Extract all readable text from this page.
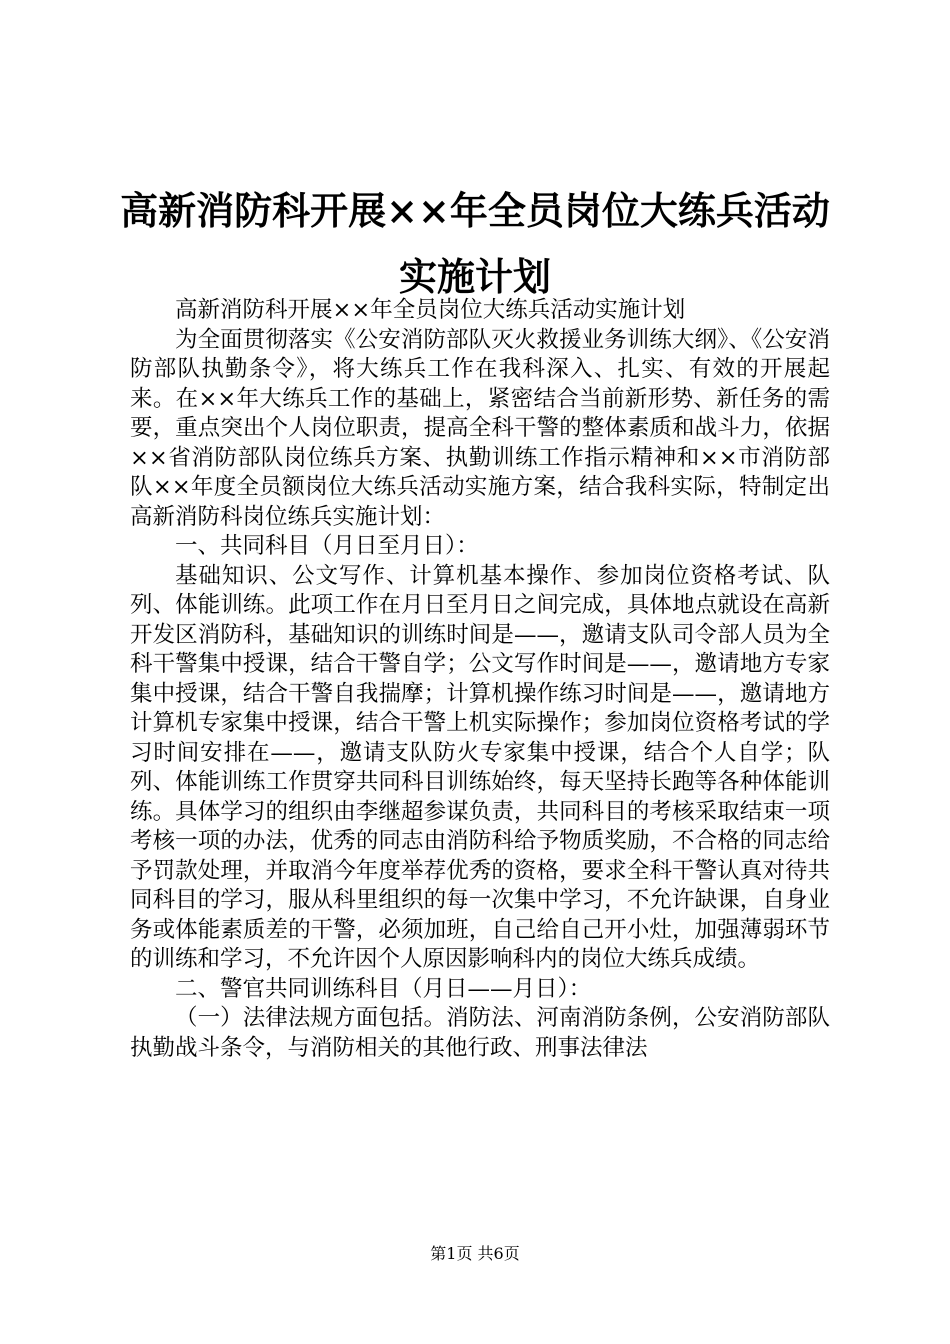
高新消防科开展××年全员岗位大练兵活动实施计划

高新消防科开展××年全员岗位大练兵活动实施计划

为全面贯彻落实《公安消防部队灭火救援业务训练大纲》、《公安消防部队执勤条令》，将大练兵工作在我科深入、扎实、有效的开展起来。在××年大练兵工作的基础上，紧密结合当前新形势、新任务的需要，重点突出个人岗位职责，提高全科干警的整体素质和战斗力，依据××省消防部队岗位练兵方案、执勤训练工作指示精神和××市消防部队××年度全员额岗位大练兵活动实施方案，结合我科实际，特制定出高新消防科岗位练兵实施计划：

一、共同科目（月日至月日）：

基础知识、公文写作、计算机基本操作、参加岗位资格考试、队列、体能训练。此项工作在月日至月日之间完成，具体地点就设在高新开发区消防科，基础知识的训练时间是——，邀请支队司令部人员为全科干警集中授课，结合干警自学；公文写作时间是——，邀请地方专家集中授课，结合干警自我揣摩；计算机操作练习时间是——，邀请地方计算机专家集中授课，结合干警上机实际操作；参加岗位资格考试的学习时间安排在——，邀请支队防火专家集中授课，结合个人自学；队列、体能训练工作贯穿共同科目训练始终，每天坚持长跑等各种体能训练。具体学习的组织由李继超参谋负责，共同科目的考核采取结束一项考核一项的办法，优秀的同志由消防科给予物质奖励，不合格的同志给予罚款处理，并取消今年度举荐优秀的资格，要求全科干警认真对待共同科目的学习，服从科里组织的每一次集中学习，不允许缺课，自身业务或体能素质差的干警，必须加班，自己给自己开小灶，加强薄弱环节的训练和学习，不允许因个人原因影响科内的岗位大练兵成绩。

二、警官共同训练科目（月日——月日）：

（一）法律法规方面包括。消防法、河南消防条例，公安消防部队执勤战斗条令，与消防相关的其他行政、刑事法律法

第1页 共6页
